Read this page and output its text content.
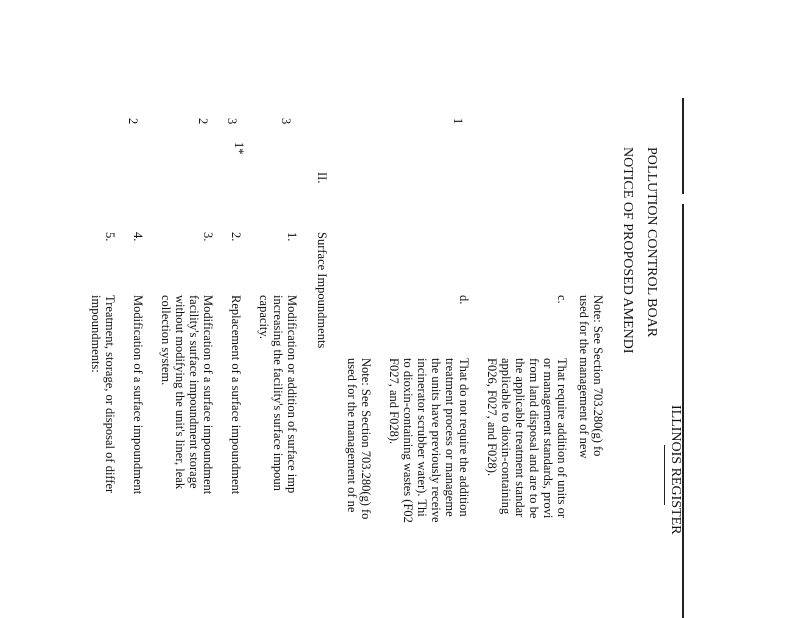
ILLINOIS REGISTER
POLLUTION CONTROL BOAR
NOTICE OF PROPOSED AMENDI
1*
1
3
3
2
2
Note: See Section 703.280(g) fo
used for the management of new
c.
That require addition of units or
or management standards, provi
from land disposal and are to be
the applicable treatment standar
applicable to dioxin-containing
F026, F027, and F028).
d.
That do not require the addition
treatment process or manageme
the units have previously receive
incinerator scrubber water). Thi
to dioxin-containing wastes (F02
F027, and F028).
Note: See Section 703.280(g) fo
used for the management of ne
II.
Surface Impoundments
1.
Modification or addition of surface imp
increasing the facility's surface impoun
capacity.
2.
Replacement of a surface impoundment
3.
Modification of a surface impoundment
facility's surface impoundment storage
without modifying the unit's liner, leak
collection system.
4.
Modification of a surface impoundment
5.
Treatment, storage, or disposal of differ
impoundments:
